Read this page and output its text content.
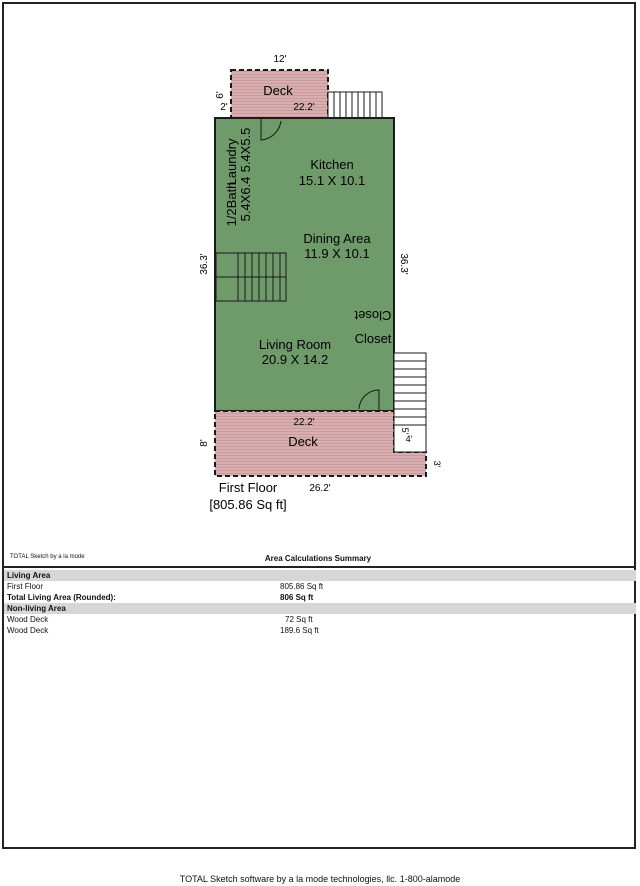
Deck
22.2'
12'
6'
2'
Laundry 5.4X5.5
1/2Bath 5.4X6.4
Kitchen
15.1 X 10.1
Dining Area
11.9 X 10.1
Closet
Closet
Living Room
20.9 X 14.2
36.3'	36.3'
22.2'
Deck
8'
5'
4'
3'
26.2'
First Floor
[805.86 Sq ft]
TOTAL Sketch by a la mode	Area Calculations Summary
Living Area
First Floor	805.86 Sq ft
Total Living Area (Rounded):	806 Sq ft
Non-living Area
Wood Deck	72 Sq ft
Wood Deck	189.6 Sq ft
TOTAL Sketch software by a la mode technologies, llc. 1-800-alamode
